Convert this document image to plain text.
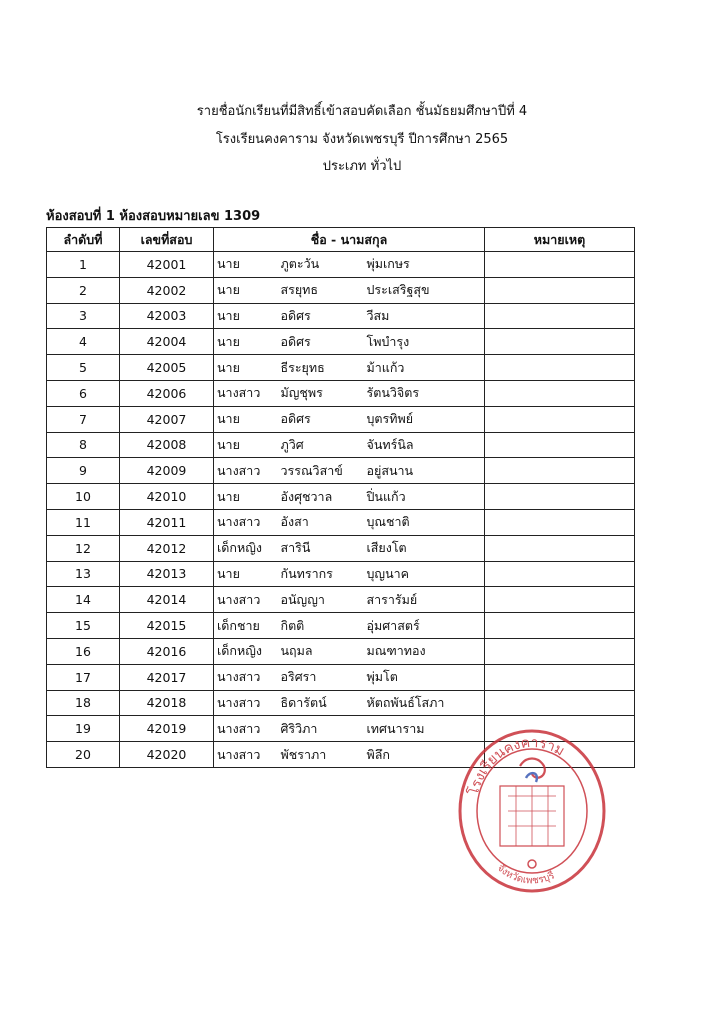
รายชื่อนักเรียนที่มีสิทธิ์เข้าสอบคัดเลือก ชั้นมัธยมศึกษาปีที่ 4
โรงเรียนคงคาราม จังหวัดเพชรบุรี ปีการศึกษา 2565
ประเภท ทั่วไป
ห้องสอบที่ 1 ห้องสอบหมายเลข 1309
ลำดับที่	เลขที่สอบ	ชื่อ - นามสกุล			หมายเหตุ
1	42001	นาย	ภูตะวัน	พุ่มเกษร	
2	42002	นาย	สรยุทธ	ประเสริฐสุข	
3	42003	นาย	อดิศร	วีสม	
4	42004	นาย	อดิศร	โพบำรุง	
5	42005	นาย	ธีระยุทธ	ม้าแก้ว	
6	42006	นางสาว	มัญชุพร	รัตนวิจิตร	
7	42007	นาย	อดิศร	บุตรทิพย์	
8	42008	นาย	ภูวิศ	จันทร์นิล	
9	42009	นางสาว	วรรณวิสาข์	อยู่สนาน	
10	42010	นาย	อังศุชวาล	ปิ่นแก้ว	
11	42011	นางสาว	อังสา	บุณชาติ	
12	42012	เด็กหญิง	สารินี	เสียงโต	
13	42013	นาย	กันทรากร	บุญนาค	
14	42014	นางสาว	อนัญญา	สารารัมย์	
15	42015	เด็กชาย	กิตติ	อุ่มศาสตร์	
16	42016	เด็กหญิง	นฤมล	มณฑาทอง	
17	42017	นางสาว	อริศรา	พุ่มโต	
18	42018	นางสาว	ธิดารัตน์	หัตถพันธ์โสภา	
19	42019	นางสาว	ศิริวิภา	เทศนาราม	
20	42020	นางสาว	พัชราภา	พิลึก	
โรงเรียนคงคาราม
จังหวัดเพชรบุรี
